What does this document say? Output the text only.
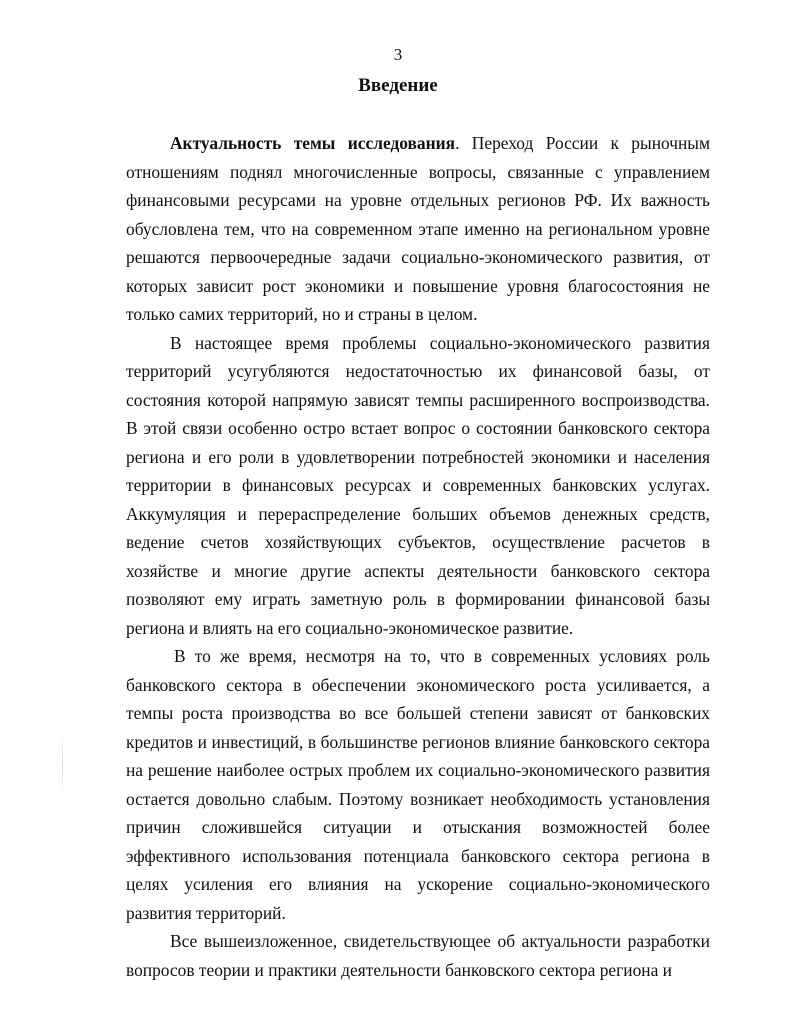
3
Введение

Актуальность темы исследования. Переход России к рыночным отношениям поднял многочисленные вопросы, связанные с управлением финансовыми ресурсами на уровне отдельных регионов РФ. Их важность обусловлена тем, что на современном этапе именно на региональном уровне решаются первоочередные задачи социально-экономического развития, от которых зависит рост экономики и повышение уровня благосостояния не только самих территорий, но и страны в целом.

В настоящее время проблемы социально-экономического развития территорий усугубляются недостаточностью их финансовой базы, от состояния которой напрямую зависят темпы расширенного воспроизводства. В этой связи особенно остро встает вопрос о состоянии банковского сектора региона и его роли в удовлетворении потребностей экономики и населения территории в финансовых ресурсах и современных банковских услугах. Аккумуляция и перераспределение больших объемов денежных средств, ведение счетов хозяйствующих субъектов, осуществление расчетов в хозяйстве и многие другие аспекты деятельности банковского сектора позволяют ему играть заметную роль в формировании финансовой базы региона и влиять на его социально-экономическое развитие.

В то же время, несмотря на то, что в современных условиях роль банковского сектора в обеспечении экономического роста усиливается, а темпы роста производства во все большей степени зависят от банковских кредитов и инвестиций, в большинстве регионов влияние банковского сектора на решение наиболее острых проблем их социально-экономического развития остается довольно слабым. Поэтому возникает необходимость установления причин сложившейся ситуации и отыскания возможностей более эффективного использования потенциала банковского сектора региона в целях усиления его влияния на ускорение социально-экономического развития территорий.

Все вышеизложенное, свидетельствующее об актуальности разработки вопросов теории и практики деятельности банковского сектора региона и
